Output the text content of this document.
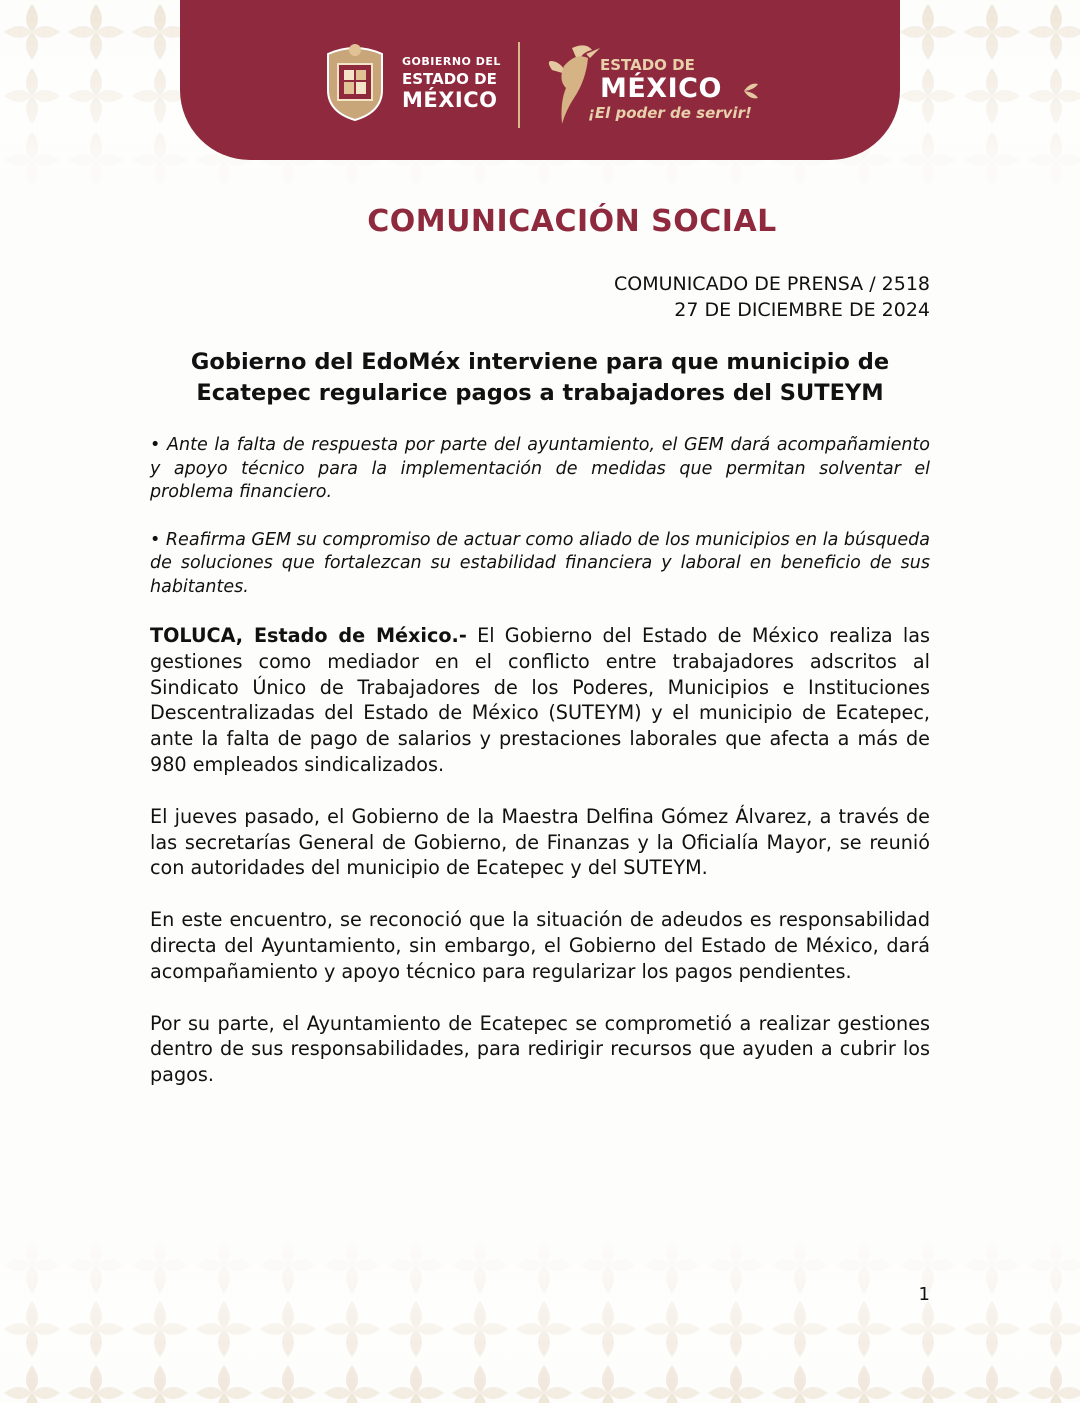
GOBIERNO DEL
ESTADO DE
MÉXICO
ESTADO DE
MÉXICO
¡El poder de servir!
COMUNICACIÓN SOCIAL
COMUNICADO DE PRENSA / 2518
27 DE DICIEMBRE DE 2024
Gobierno del EdoMéx interviene para que municipio de
Ecatepec regularice pagos a trabajadores del SUTEYM

• Ante la falta de respuesta por parte del ayuntamiento, el GEM dará acompañamiento y apoyo técnico para la implementación de medidas que permitan solventar el problema financiero.

• Reafirma GEM su compromiso de actuar como aliado de los municipios en la búsqueda de soluciones que fortalezcan su estabilidad financiera y laboral en beneficio de sus habitantes.

TOLUCA, Estado de México.- El Gobierno del Estado de México realiza las gestiones como mediador en el conflicto entre trabajadores adscritos al Sindicato Único de Trabajadores de los Poderes, Municipios e Instituciones Descentralizadas del Estado de México (SUTEYM) y el municipio de Ecatepec, ante la falta de pago de salarios y prestaciones laborales que afecta a más de 980 empleados sindicalizados.

El jueves pasado, el Gobierno de la Maestra Delfina Gómez Álvarez, a través de las secretarías General de Gobierno, de Finanzas y la Oficialía Mayor, se reunió con autoridades del municipio de Ecatepec y del SUTEYM.

En este encuentro, se reconoció que la situación de adeudos es responsabilidad directa del Ayuntamiento, sin embargo, el Gobierno del Estado de México, dará acompañamiento y apoyo técnico para regularizar los pagos pendientes.

Por su parte, el Ayuntamiento de Ecatepec se comprometió a realizar gestiones dentro de sus responsabilidades, para redirigir recursos que ayuden a cubrir los pagos.

1
